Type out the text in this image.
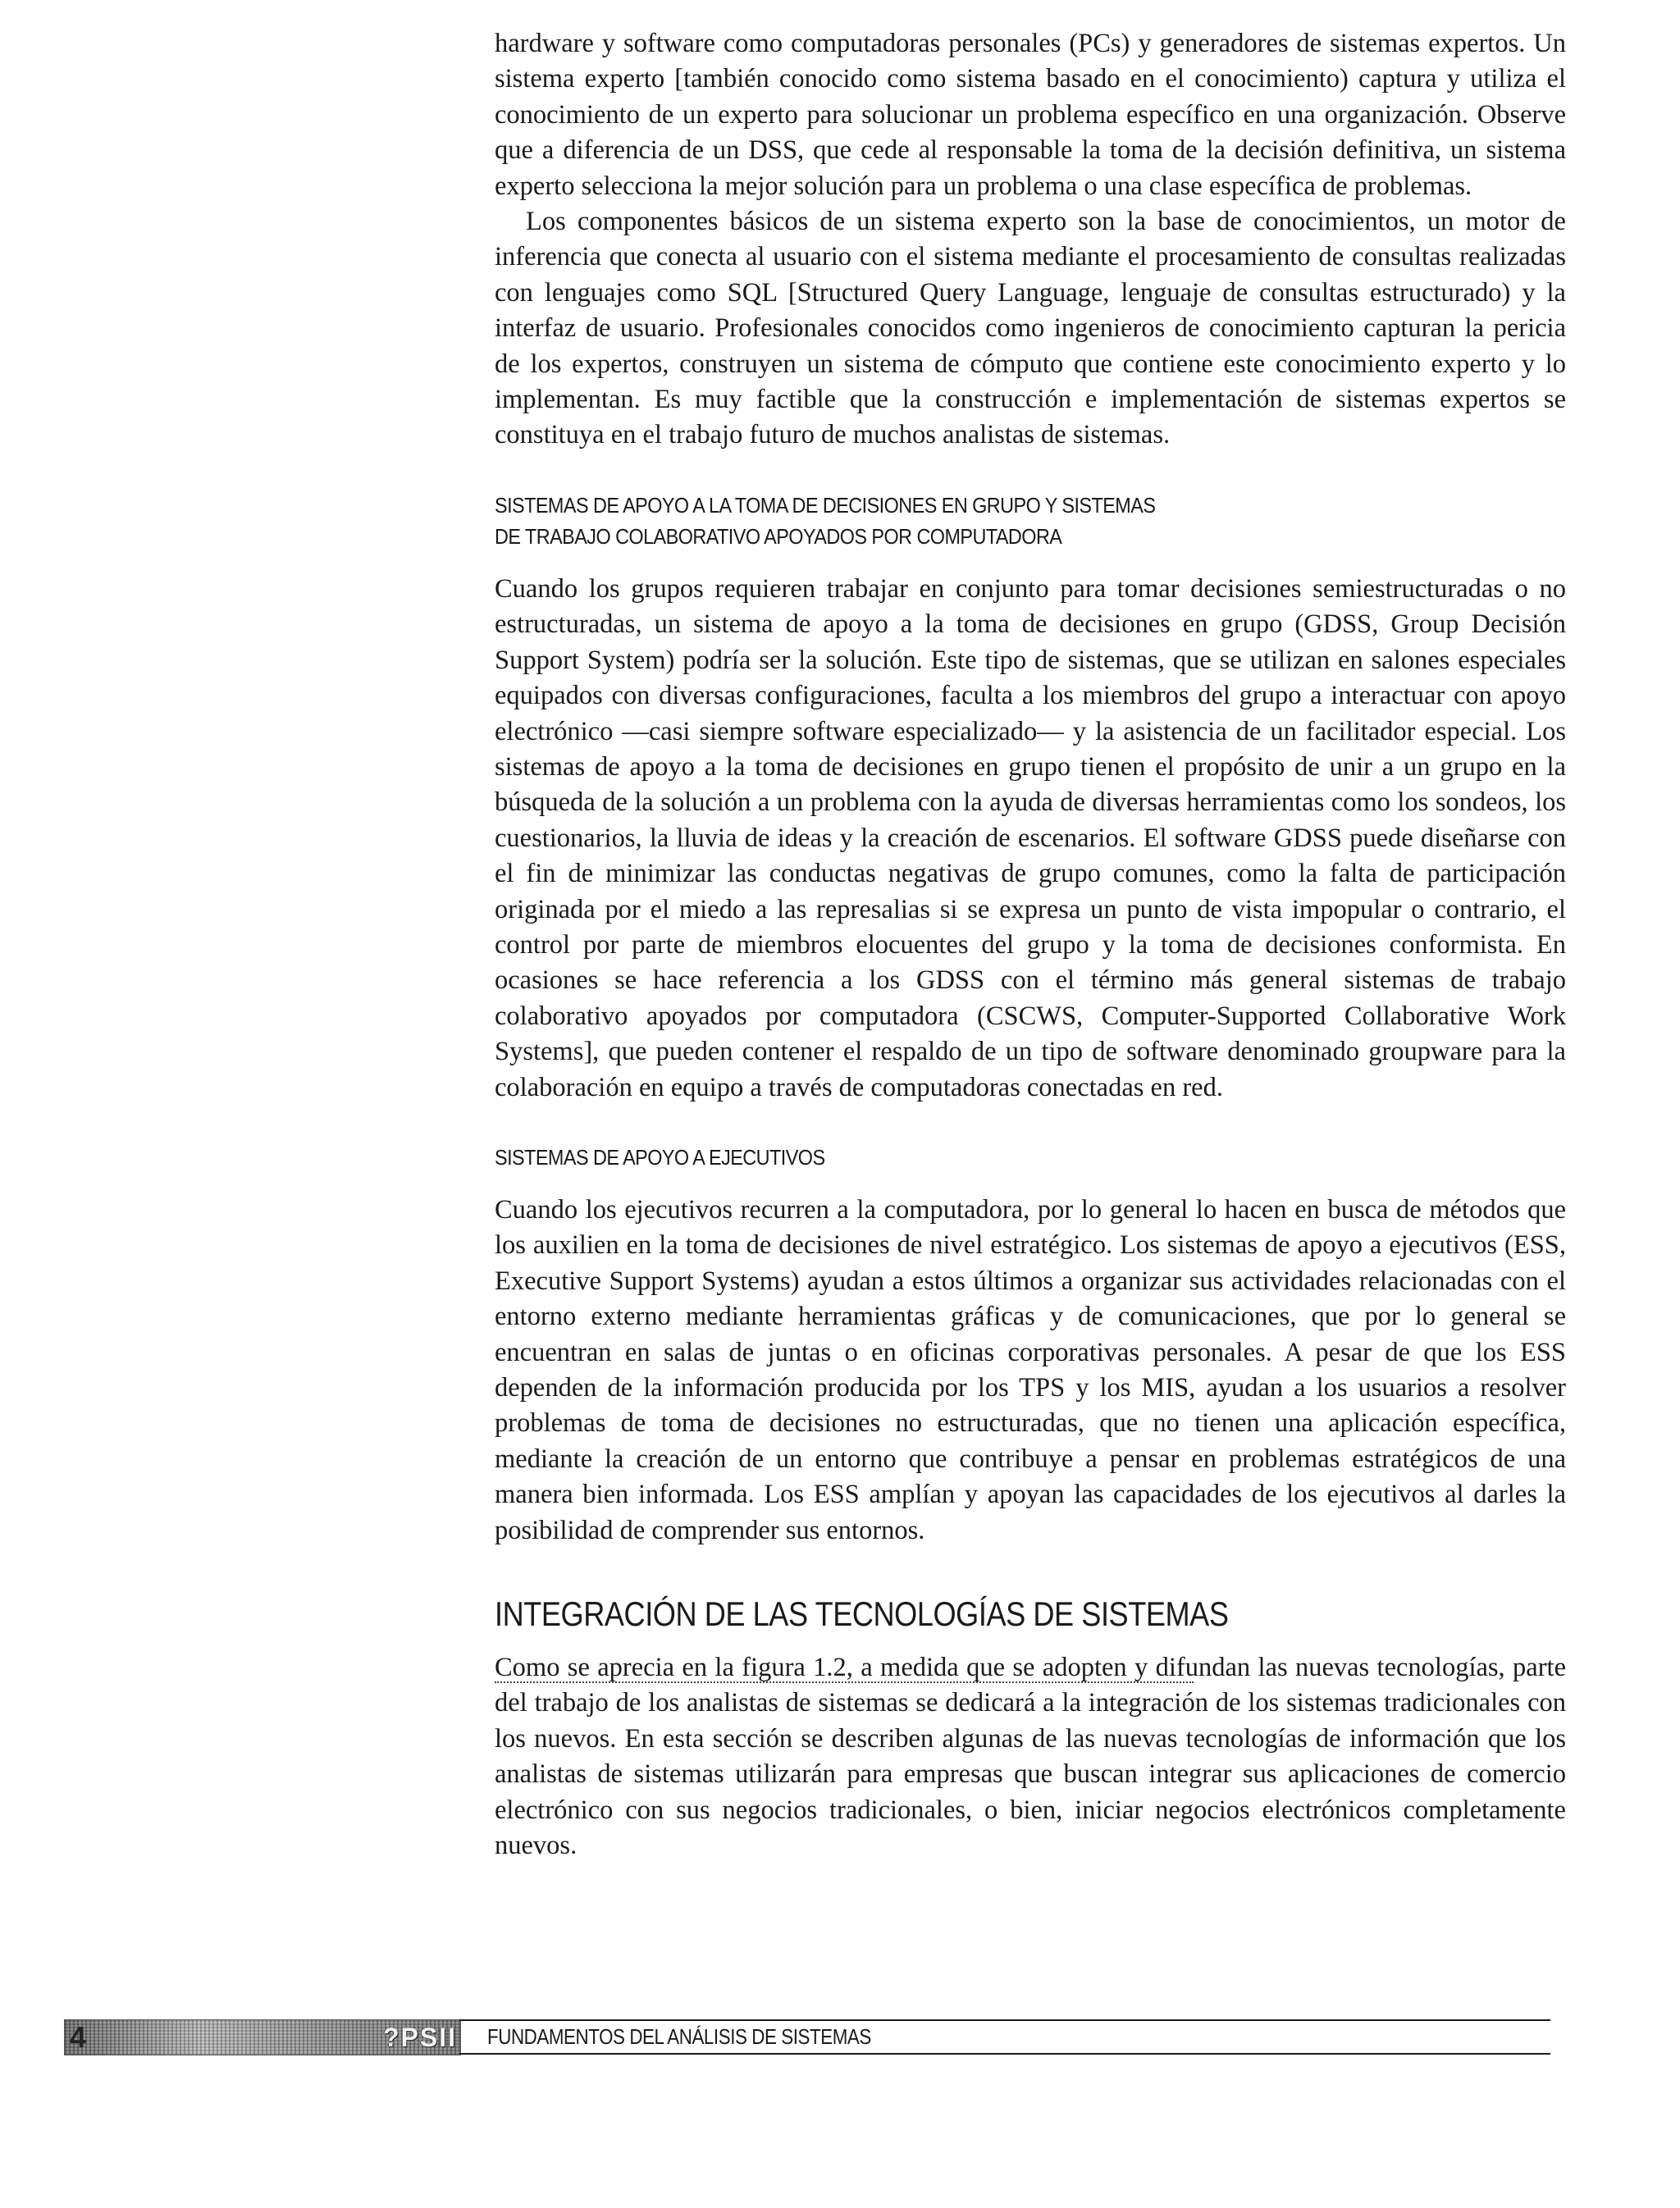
hardware y software como computadoras personales (PCs) y generadores de sistemas expertos. Un sistema experto [también conocido como sistema basado en el conocimiento) captura y utiliza el conocimiento de un experto para solucionar un problema específico en una organización. Observe que a diferencia de un DSS, que cede al responsable la toma de la decisión definitiva, un sistema experto selecciona la mejor solución para un problema o una clase específica de problemas.

Los componentes básicos de un sistema experto son la base de conocimientos, un motor de inferencia que conecta al usuario con el sistema mediante el procesamiento de consultas realizadas con lenguajes como SQL [Structured Query Language, lenguaje de consultas estructurado) y la interfaz de usuario. Profesionales conocidos como ingenieros de conocimiento capturan la pericia de los expertos, construyen un sistema de cómputo que contiene este conocimiento experto y lo implementan. Es muy factible que la construcción e implementación de sistemas expertos se constituya en el trabajo futuro de muchos analistas de sistemas.

SISTEMAS DE APOYO A LA TOMA DE DECISIONES EN GRUPO Y SISTEMAS

DE TRABAJO COLABORATIVO APOYADOS POR COMPUTADORA

Cuando los grupos requieren trabajar en conjunto para tomar decisiones semiestructuradas o no estructuradas, un sistema de apoyo a la toma de decisiones en grupo (GDSS, Group Decisión Support System) podría ser la solución. Este tipo de sistemas, que se utilizan en salones especiales equipados con diversas configuraciones, faculta a los miembros del grupo a interactuar con apoyo electrónico —casi siempre software especializado— y la asistencia de un facilitador especial. Los sistemas de apoyo a la toma de decisiones en grupo tienen el propósito de unir a un grupo en la búsqueda de la solución a un problema con la ayuda de diversas herramientas como los sondeos, los cuestionarios, la lluvia de ideas y la creación de escenarios. El software GDSS puede diseñarse con el fin de minimizar las conductas negativas de grupo comunes, como la falta de participación originada por el miedo a las represalias si se expresa un punto de vista impopular o contrario, el control por parte de miembros elocuentes del grupo y la toma de decisiones conformista. En ocasiones se hace referencia a los GDSS con el término más general sistemas de trabajo colaborativo apoyados por computadora (CSCWS, Computer-Supported Collaborative Work Systems], que pueden contener el respaldo de un tipo de software denominado groupware para la colaboración en equipo a través de computadoras conectadas en red.

SISTEMAS DE APOYO A EJECUTIVOS

Cuando los ejecutivos recurren a la computadora, por lo general lo hacen en busca de métodos que los auxilien en la toma de decisiones de nivel estratégico. Los sistemas de apoyo a ejecutivos (ESS, Executive Support Systems) ayudan a estos últimos a organizar sus actividades relacionadas con el entorno externo mediante herramientas gráficas y de comunicaciones, que por lo general se encuentran en salas de juntas o en oficinas corporativas personales. A pesar de que los ESS dependen de la información producida por los TPS y los MIS, ayudan a los usuarios a resolver problemas de toma de decisiones no estructuradas, que no tienen una aplicación específica, mediante la creación de un entorno que contribuye a pensar en problemas estratégicos de una manera bien informada. Los ESS amplían y apoyan las capacidades de los ejecutivos al darles la posibilidad de comprender sus entornos.

INTEGRACIÓN DE LAS TECNOLOGÍAS DE SISTEMAS

Como se aprecia en la figura 1.2, a medida que se adopten y difundan las nuevas tecnologías, parte del trabajo de los analistas de sistemas se dedicará a la integración de los sistemas tradicionales con los nuevos. En esta sección se describen algunas de las nuevas tecnologías de información que los analistas de sistemas utilizarán para empresas que buscan integrar sus aplicaciones de comercio electrónico con sus negocios tradicionales, o bien, iniciar negocios electrónicos completamente nuevos.

4	?PSII FUNDAMENTOS DEL ANÁLISIS DE SISTEMAS
